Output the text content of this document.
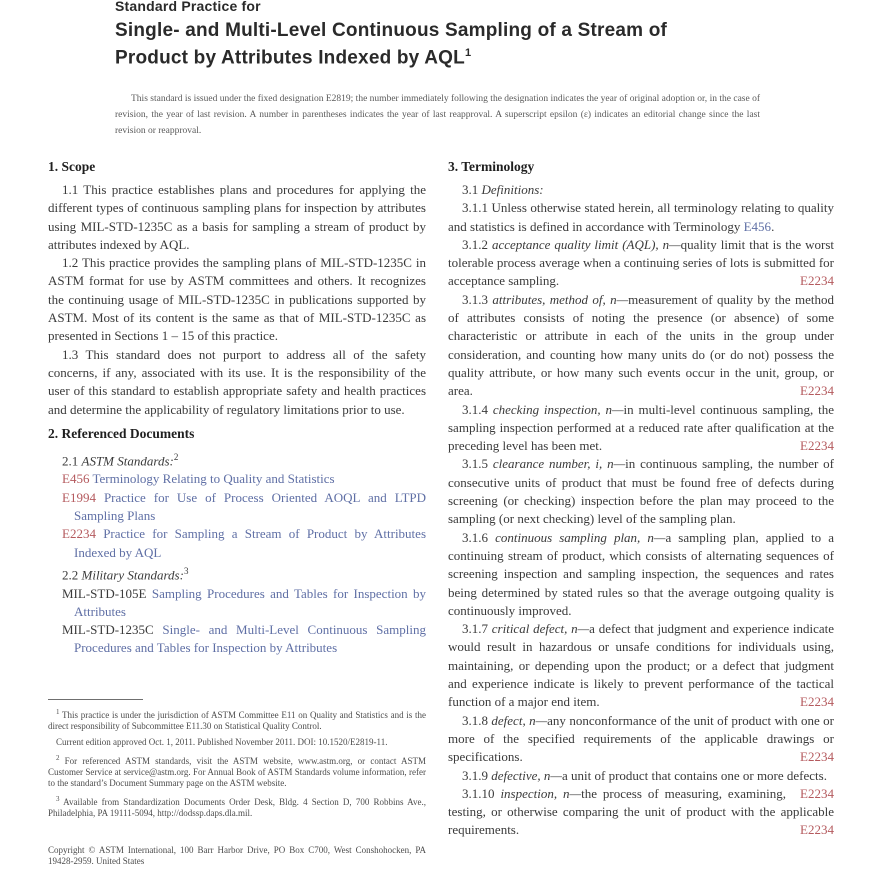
Standard Practice for
Single- and Multi-Level Continuous Sampling of a Stream of
Product by Attributes Indexed by AQL$^1$

This standard is issued under the fixed designation E2819; the number immediately following the designation indicates the year of original adoption or, in the case of revision, the year of last revision. A number in parentheses indicates the year of last reapproval. A superscript epsilon (ε) indicates an editorial change since the last revision or reapproval.

1. Scope

1.1 This practice establishes plans and procedures for applying the different types of continuous sampling plans for inspection by attributes using MIL-STD-1235C as a basis for sampling a stream of product by attributes indexed by AQL.

1.2 This practice provides the sampling plans of MIL-STD-1235C in ASTM format for use by ASTM committees and others. It recognizes the continuing usage of MIL-STD-1235C in publications supported by ASTM. Most of its content is the same as that of MIL-STD-1235C as presented in Sections 1 – 15 of this practice.

1.3 This standard does not purport to address all of the safety concerns, if any, associated with its use. It is the responsibility of the user of this standard to establish appropriate safety and health practices and determine the applicability of regulatory limitations prior to use.

2. Referenced Documents

2.1 ASTM Standards:$^2$

E456 Terminology Relating to Quality and Statistics

E1994 Practice for Use of Process Oriented AOQL and LTPD Sampling Plans

E2234 Practice for Sampling a Stream of Product by Attributes Indexed by AQL

2.2 Military Standards:$^3$

MIL-STD-105E Sampling Procedures and Tables for Inspection by Attributes

MIL-STD-1235C Single- and Multi-Level Continuous Sampling Procedures and Tables for Inspection by Attributes

3. Terminology

3.1 Definitions:

3.1.1 Unless otherwise stated herein, all terminology relating to quality and statistics is defined in accordance with Terminology E456.

3.1.2 acceptance quality limit (AQL), n—quality limit that is the worst tolerable process average when a continuing series of lots is submitted for acceptance sampling.	E2234

3.1.3 attributes, method of, n—measurement of quality by the method of attributes consists of noting the presence (or absence) of some characteristic or attribute in each of the units in the group under consideration, and counting how many units do (or do not) possess the quality attribute, or how many such events occur in the unit, group, or area.	E2234

3.1.4 checking inspection, n—in multi-level continuous sampling, the sampling inspection performed at a reduced rate after qualification at the preceding level has been met.	E2234

3.1.5 clearance number, i, n—in continuous sampling, the number of consecutive units of product that must be found free of defects during screening (or checking) inspection before the plan may proceed to the sampling (or next checking) level of the sampling plan.

3.1.6 continuous sampling plan, n—a sampling plan, applied to a continuing stream of product, which consists of alternating sequences of screening inspection and sampling inspection, the sequences and rates being determined by stated rules so that the average outgoing quality is continuously improved.

3.1.7 critical defect, n—a defect that judgment and experience indicate would result in hazardous or unsafe conditions for individuals using, maintaining, or depending upon the product; or a defect that judgment and experience indicate is likely to prevent performance of the tactical function of a major end item.	E2234

3.1.8 defect, n—any nonconformance of the unit of product with one or more of the specified requirements of the applicable drawings or specifications.	E2234

3.1.9 defective, n—a unit of product that contains one or more defects.
E2234

3.1.10 inspection, n—the process of measuring, examining, testing, or otherwise comparing the unit of product with the applicable requirements.	E2234

$^1$ This practice is under the jurisdiction of ASTM Committee E11 on Quality and Statistics and is the direct responsibility of Subcommittee E11.30 on Statistical Quality Control.

Current edition approved Oct. 1, 2011. Published November 2011. DOI: 10.1520/E2819-11.

$^2$ For referenced ASTM standards, visit the ASTM website, www.astm.org, or contact ASTM Customer Service at service@astm.org. For Annual Book of ASTM Standards volume information, refer to the standard’s Document Summary page on the ASTM website.

$^3$ Available from Standardization Documents Order Desk, Bldg. 4 Section D, 700 Robbins Ave., Philadelphia, PA 19111-5094, http://dodssp.daps.dla.mil.

Copyright © ASTM International, 100 Barr Harbor Drive, PO Box C700, West Conshohocken, PA 19428-2959. United States
